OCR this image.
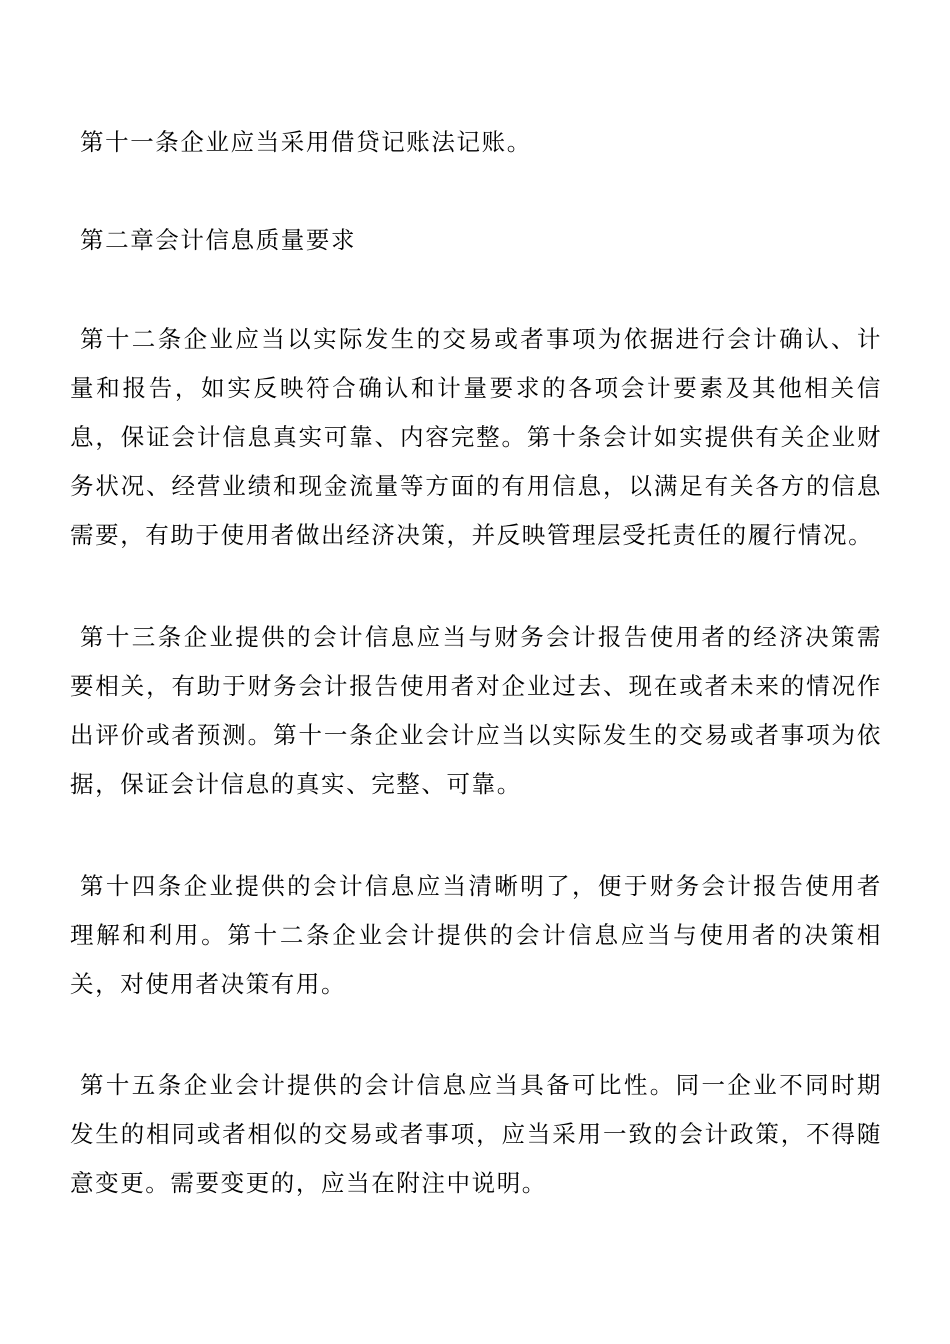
第十一条企业应当采用借贷记账法记账。

第二章会计信息质量要求

第十二条企业应当以实际发生的交易或者事项为依据进行会计确认、计量和报告，如实反映符合确认和计量要求的各项会计要素及其他相关信息，保证会计信息真实可靠、内容完整。第十条会计如实提供有关企业财务状况、经营业绩和现金流量等方面的有用信息，以满足有关各方的信息需要，有助于使用者做出经济决策，并反映管理层受托责任的履行情况。

第十三条企业提供的会计信息应当与财务会计报告使用者的经济决策需要相关，有助于财务会计报告使用者对企业过去、现在或者未来的情况作出评价或者预测。第十一条企业会计应当以实际发生的交易或者事项为依据，保证会计信息的真实、完整、可靠。

第十四条企业提供的会计信息应当清晰明了，便于财务会计报告使用者理解和利用。第十二条企业会计提供的会计信息应当与使用者的决策相关，对使用者决策有用。

第十五条企业会计提供的会计信息应当具备可比性。同一企业不同时期发生的相同或者相似的交易或者事项，应当采用一致的会计政策，不得随意变更。需要变更的，应当在附注中说明。
